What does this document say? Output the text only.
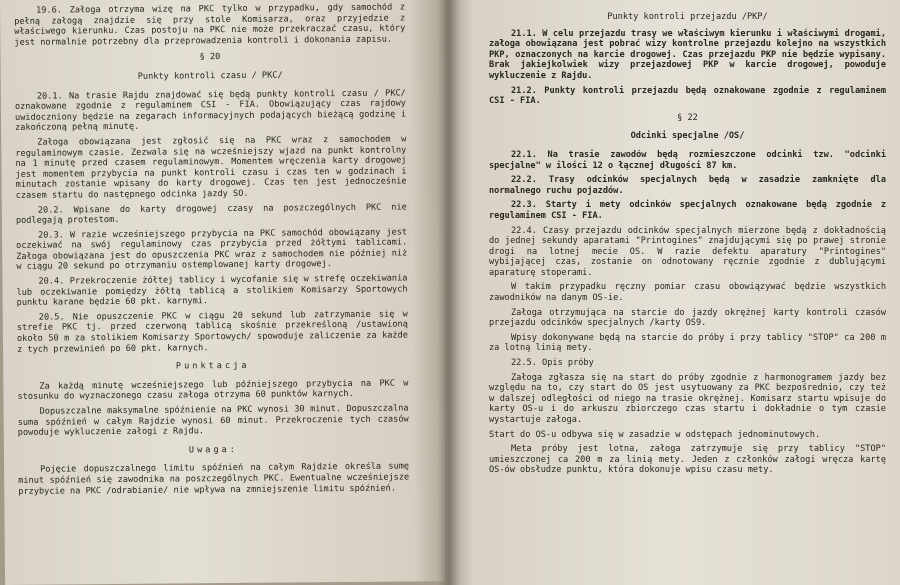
19.6. Załoga otrzyma wizę na PKC tylko w przypadku, gdy samochód z pełną załogą znajdzie się przy stole Komisarza, oraz przyjedzie z właściwego kierunku. Czas postoju na PKC nie może przekraczać czasu, który jest normalnie potrzebny dla przeprowadzenia kontroli i dokonania zapisu.

§ 20
Punkty kontroli czasu / PKC/

20.1. Na trasie Rajdu znajdować się będą punkty kontroli czasu / PKC/ oznakowane zgodnie z regulaminem CSI - FIA. Obowiązujący czas rajdowy uwidoczniony będzie na zegarach informacyjnych podających bieżącą godzinę i zakończoną pełną minutę.

Załoga obowiązana jest zgłosić się na PKC wraz z samochodem w regulaminowym czasie. Zezwala się na wcześniejszy wjazd na punkt kontrolny na 1 minutę przed czasem regulaminowym. Momentem wręczenia karty drogowej jest momentem przybycia na punkt kontroli czasu i czas ten w godzinach i minutach zostanie wpisany do karty drogowej. Czas ten jest jednocześnie czasem startu do następnego odcinka jazdy SO.

20.2. Wpisane do karty drogowej czasy na poszczególnych PKC nie podlegają protestom.

20.3. W razie wcześniejszego przybycia na PKC samochód obowiązany jest oczekiwać na swój regulaminowy czas przybycia przed żółtymi tablicami. Załoga obowiązana jest do opuszczenia PKC wraz z samochodem nie później niż w ciągu 20 sekund po otrzymaniu ostemplowanej karty drogowej.

20.4. Przekroczenie żółtej tablicy i wycofanie się w strefę oczekiwania lub oczekiwanie pomiędzy żółtą tablicą a stolikiem Komisarzy Sportowych punktu karane będzie 60 pkt. karnymi.

20.5. Nie opuszczenie PKC w ciągu 20 sekund lub zatrzymanie się w strefie PKC tj. przed czerwoną tablicą skośnie przekreśloną /ustawioną około 50 m za stolikiem Komisarzy Sportowych/ spowoduje zaliczenie za każde z tych przewinień po 60 pkt. karnych.

Punktacja

Za każdą minutę wcześniejszego lub późniejszego przybycia na PKC w stosunku do wyznaczonego czasu załoga otrzyma 60 punktów karnych.

Dopuszczalne maksymalne spóźnienie na PKC wynosi 30 minut. Dopuszczalna suma spóźnień w całym Rajdzie wynosi 60 minut. Przekroczenie tych czasów powoduje wykluczenie załogi z Rajdu.

Uwaga:

Pojęcie dopuszczalnego limitu spóźnień na całym Rajdzie określa sumę minut spóźnień się zawodnika na poszczególnych PKC. Ewentualne wcześniejsze przybycie na PKC /odrabianie/ nie wpływa na zmniejszenie limitu spóźnień.

Punkty kontroli przejazdu /PKP/

21.1. W celu przejazdu trasy we właściwym kierunku i właściwymi drogami, załoga obowiązana jest pobrać wizy kontrolne przejazdu kolejno na wszystkich PKP, oznaczonych na karcie drogowej. Czas przejazdu PKP nie będzie wypisany. Brak jakiejkolwiek wizy przejazdowej PKP w karcie drogowej, powoduje wykluczenie z Rajdu.

21.2. Punkty kontroli przejazdu będą oznakowane zgodnie z regulaminem CSI - FIA.

§ 22
Odcinki specjalne /OS/

22.1. Na trasie zawodów będą rozmieszczone odcinki tzw. "odcinki specjalne" w ilości 12 o łącznej długości 87 km.

22.2. Trasy odcinków specjalnych będą w zasadzie zamknięte dla normalnego ruchu pojazdów.

22.3. Starty i mety odcinków specjalnych oznakowane będą zgodnie z regulaminem CSI - FIA.

22.4. Czasy przejazdu odcinków specjalnych mierzone będą z dokładnością do jednej sekundy aparatami "Printogines" znajdującymi się po prawej stronie drogi na lotnej mecie OS. W razie defektu aparatury "Printogines" wybijającej czas, zostanie on odnotowany ręcznie zgodnie z dublującymi aparaturę stoperami.

W takim przypadku ręczny pomiar czasu obowiązywać będzie wszystkich zawodników na danym OS-ie.

Załoga otrzymująca na starcie do jazdy okrężnej karty kontroli czasów przejazdu odcinków specjalnych /karty OS9.

Wpisy dokonywane będą na starcie do próby i przy tablicy "STOP" ca 200 m za lotną linią mety.

22.5. Opis próby

Załoga zgłasza się na start do próby zgodnie z harmonogramem jazdy bez względu na to, czy start do OS jest usytuowany za PKC bezpośrednio, czy też w dalszej odległości od niego na trasie okrężnej. Komisarz startu wpisuje do karty OS-u i do arkuszu zbiorczego czas startu i dokładnie o tym czasie wystartuje załoga.

Start do OS-u odbywa się w zasadzie w odstępach jednominutowych.

Meta próby jest lotna, załoga zatrzymuje się przy tablicy "STOP" umieszczonej ca 200 m za linią mety. Jeden z członków załogi wręcza kartę OS-ów obsłudze punktu, która dokonuje wpisu czasu mety.
